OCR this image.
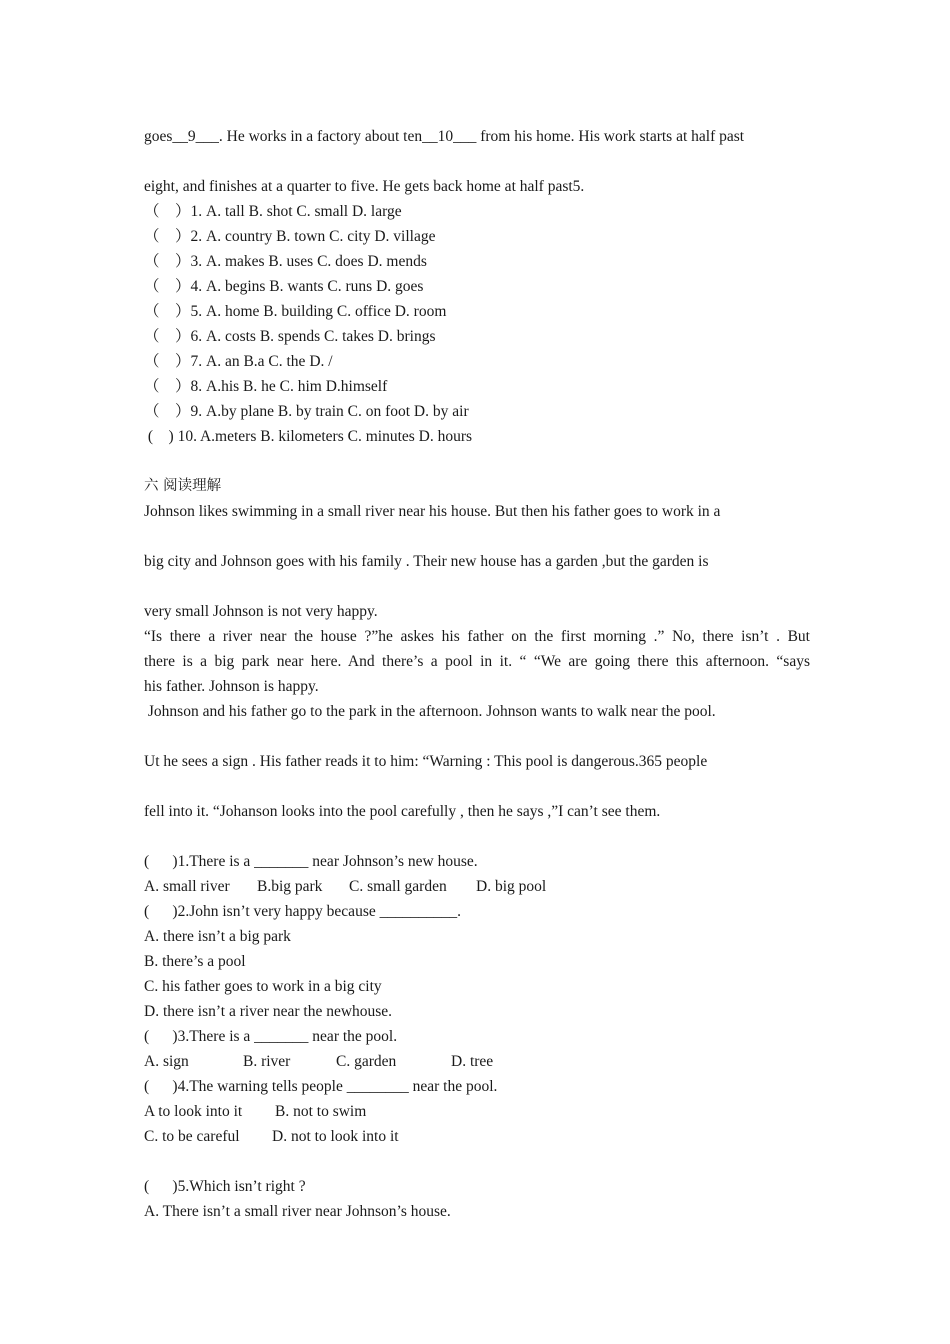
goes__9___. He works in a factory about ten__10___ from his home. His work starts at half past
eight, and finishes at a quarter to five. He gets back home at half past5.
（    ）1. A. tall B. shot C. small D. large
（    ）2. A. country B. town C. city D. village
（    ）3. A. makes B. uses C. does D. mends
（    ）4. A. begins B. wants C. runs D. goes
（    ）5. A. home B. building C. office D. room
（    ）6. A. costs B. spends C. takes D. brings
（    ）7. A. an B.a C. the D. /
（    ）8. A.his B. he C. him D.himself
（    ）9. A.by plane B. by train C. on foot D. by air
(    ) 10. A.meters B. kilometers C. minutes D. hours
六 阅读理解
Johnson likes swimming in a small river near his house. But then his father goes to work in a
big city and Johnson goes with his family . Their new house has a garden ,but the garden is
very small Johnson is not very happy.
“Is there a river near the house ?”he askes his father on the first morning .” No, there isn’t . But
there is a big park near here. And there’s a pool in it. “ “We are going there this afternoon. “says
his father. Johnson is happy.
Johnson and his father go to the park in the afternoon. Johnson wants to walk near the pool.
Ut he sees a sign . His father reads it to him: “Warning : This pool is dangerous.365 people
fell into it. “Johanson looks into the pool carefully , then he says ,”I can’t see them.
(      )1.There is a _______ near Johnson’s new house.
A. small river B.big park C. small garden D. big pool
(      )2.John isn’t very happy because __________.
A. there isn’t a big park
B. there’s a pool
C. his father goes to work in a big city
D. there isn’t a river near the newhouse.
(      )3.There is a _______ near the pool.
A. sign	B. river	C. garden	D. tree
(      )4.The warning tells people ________ near the pool.
A to look into it B. not to swim
C. to be careful D. not to look into it
(      )5.Which isn’t right ?
A. There isn’t a small river near Johnson’s house.
